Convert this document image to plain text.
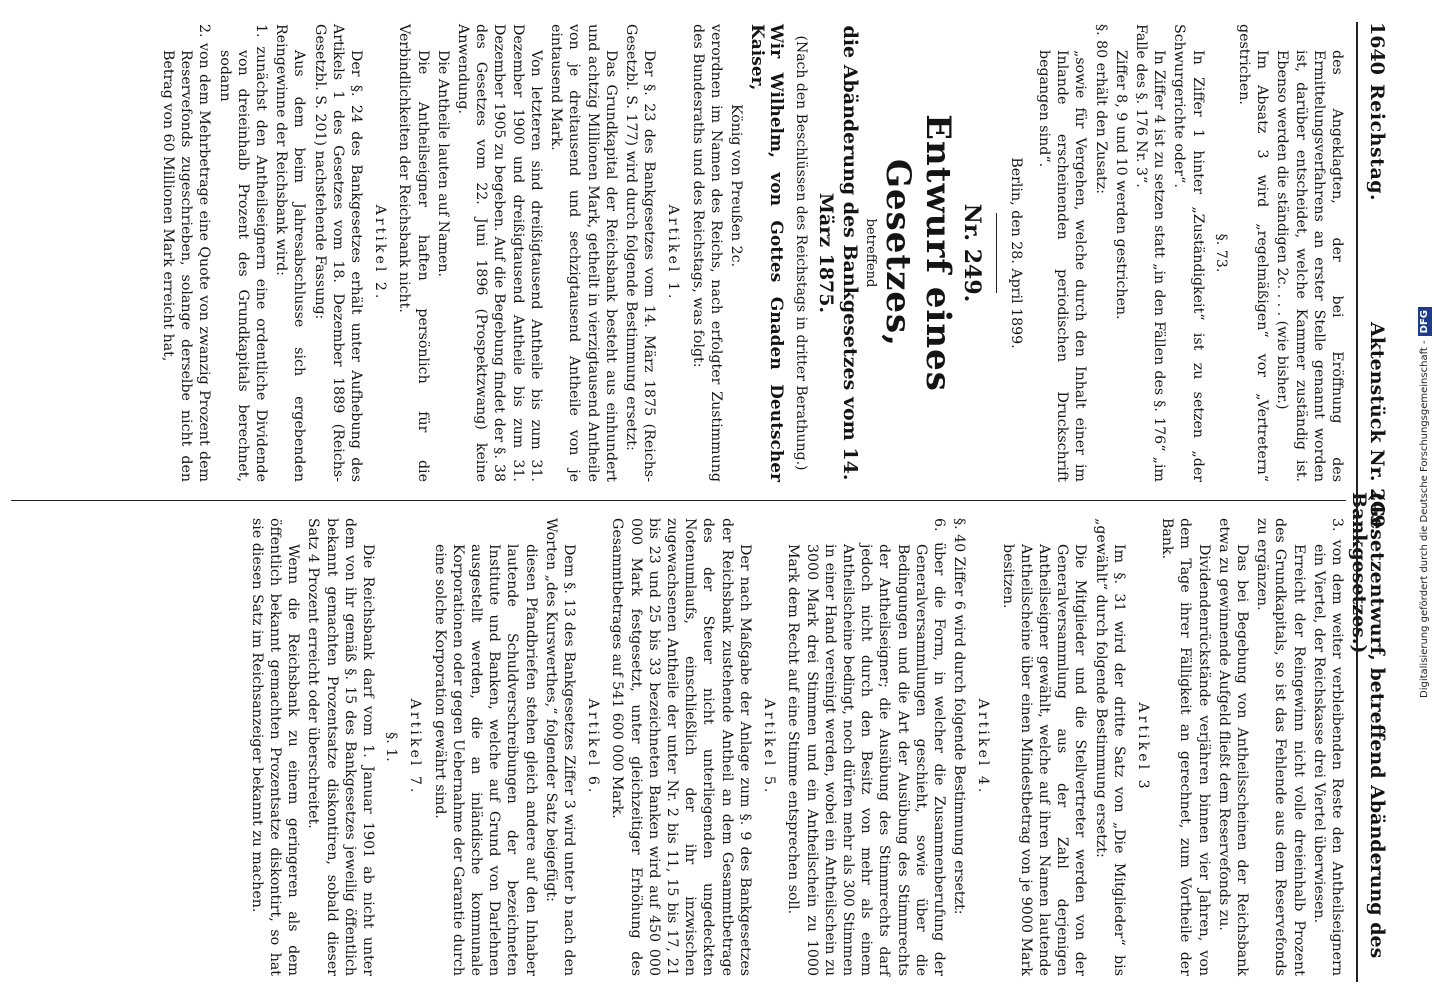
1640
Reichstag.
Aktenstück Nr. 249.
(Gesetzentwurf, betreffend Abänderung des Bankgesetzes.)

des Angeklagten, der bei Eröffnung des Ermittelungsverfahrens an erster Stelle genannt worden ist, darüber entscheidet, welche Kammer zuständig ist. Ebenso werden die ständigen 2c. . . . (wie bisher.)

Im Absatz 3 wird „regelmäßigen“ vor „Vertretern“ gestrichen.

§. 73.

In Ziffer 1 hinter „Zuständigkeit“ ist zu setzen „der Schwurgerichte oder“.

In Ziffer 4 ist zu setzen statt „in den Fällen des §. 176“ „im Falle des §. 176 Nr. 3“.

Ziffer 8, 9 und 10 werden gestrichen.

§. 80 erhält den Zusatz:

„sowie für Vergehen, welche durch den Inhalt einer im Inlande erscheinenden periodischen Druckschrift begangen sind“.

Berlin, den 28. April 1899.
Nr. 249.
Entwurf eines Gesetzes,
betreffend
die Abänderung des Bankgesetzes vom 14. März 1875.
(Nach den Beschlüssen des Reichstags in dritter Berathung.)

Wir Wilhelm, von Gottes Gnaden Deutscher Kaiser,

König von Preußen 2c.

verordnen im Namen des Reichs, nach erfolgter Zustimmung des Bundesraths und des Reichstags, was folgt:

Artikel 1.

Der §. 23 des Bankgesetzes vom 14. März 1875 (Reichs-Gesetzbl. S. 177) wird durch folgende Bestimmung ersetzt:

Das Grundkapital der Reichsbank besteht aus einhundert und achtzig Millionen Mark, getheilt in vierzigtausend Antheile von je dreitausend und sechzigtausend Antheile von je eintausend Mark.

Von letzteren sind dreißigtausend Antheile bis zum 31. Dezember 1900 und dreißigtausend Antheile bis zum 31. Dezember 1905 zu begeben. Auf die Begebung findet der §. 38 des Gesetzes vom 22. Juni 1896 (Prospektzwang) keine Anwendung.

Die Antheile lauten auf Namen.

Die Antheilseigner haften persönlich für die Verbindlichkeiten der Reichsbank nicht.

Artikel 2.

Der §. 24 des Bankgesetzes erhält unter Aufhebung des Artikels 1 des Gesetzes vom 18. Dezember 1889 (Reichs-Gesetzbl. S. 201) nachstehende Fassung:

Aus dem beim Jahresabschlusse sich ergebenden Reingewinne der Reichsbank wird:

1. zunächst den Antheilseignern eine ordentliche Dividende von dreieinhalb Prozent des Grundkapitals berechnet, sodann

2. von dem Mehrbetrage eine Quote von zwanzig Prozent dem Reservefonds zugeschrieben, solange derselbe nicht den Betrag von 60 Millionen Mark erreicht hat,

3. von dem weiter verbleibenden Reste den Antheilseignern ein Viertel, der Reichskasse drei Viertel überwiesen.

Erreicht der Reingewinn nicht volle dreieinhalb Prozent des Grundkapitals, so ist das Fehlende aus dem Reservefonds zu ergänzen.

Das bei Begebung von Antheilsscheinen der Reichsbank etwa zu gewinnende Aufgeld fließt dem Reservefonds zu.

Dividendenrückstände verjähren binnen vier Jahren, von dem Tage ihrer Fälligkeit an gerechnet, zum Vortheile der Bank.

Artikel 3

Im §. 31 wird der dritte Satz von „Die Mitglieder“ bis „gewählt“ durch folgende Bestimmung ersetzt:

Die Mitglieder und die Stellvertreter werden von der Generalversammlung aus der Zahl derjenigen Antheilseigner gewählt, welche auf ihren Namen lautende Antheilscheine über einen Mindestbetrag von je 9000 Mark besitzen.

Artikel 4.

§. 40 Ziffer 6 wird durch folgende Bestimmung ersetzt:

6. über die Form, in welcher die Zusammenberufung der Generalversammlungen geschieht, sowie über die Bedingungen und die Art der Ausübung des Stimmrechts der Antheilseigner; die Ausübung des Stimmrechts darf jedoch nicht durch den Besitz von mehr als einem Antheilscheine bedingt, noch dürfen mehr als 300 Stimmen in einer Hand vereinigt werden, wobei ein Antheilschein zu 3000 Mark drei Stimmen und ein Antheilschein zu 1000 Mark dem Recht auf eine Stimme entsprechen soll.

Artikel 5.

Der nach Maßgabe der Anlage zum §. 9 des Bankgesetzes der Reichsbank zustehende Antheil an dem Gesammtbetrage des der Steuer nicht unterliegenden ungedeckten Notenumlaufs, einschließlich der ihr inzwischen zugewachsenen Antheile der unter Nr. 2 bis 11, 15 bis 17, 21 bis 23 und 25 bis 33 bezeichneten Banken wird auf 450 000 000 Mark festgesetzt, unter gleichzeitiger Erhöhung des Gesammtbetrages auf 541 600 000 Mark.

Artikel 6.

Dem §. 13 des Bankgesetzes Ziffer 3 wird unter b nach den Worten „des Kurswerthes,“ folgender Satz beigefügt:

diesen Pfandbriefen stehen gleich andere auf den Inhaber lautende Schuldverschreibungen der bezeichneten Institute und Banken, welche auf Grund von Darlehnen ausgestellt werden, die an inländische kommunale Korporationen oder gegen Uebernahme der Garantie durch eine solche Korporation gewährt sind.

Artikel 7.
§. 1.

Die Reichsbank darf vom 1. Januar 1901 ab nicht unter dem von ihr gemäß §. 15 des Bankgesetzes jeweilig öffentlich bekannt gemachten Prozentsatze diskontiren, sobald dieser Satz 4 Prozent erreicht oder überschreitet.

Wenn die Reichsbank zu einem geringeren als dem öffentlich bekannt gemachten Prozentsatze diskontirt, so hat sie diesen Satz im Reichsanzeiger bekannt zu machen.	Digitalisierung gefördert durch die Deutsche Forschungsgemeinschaft -DFG
